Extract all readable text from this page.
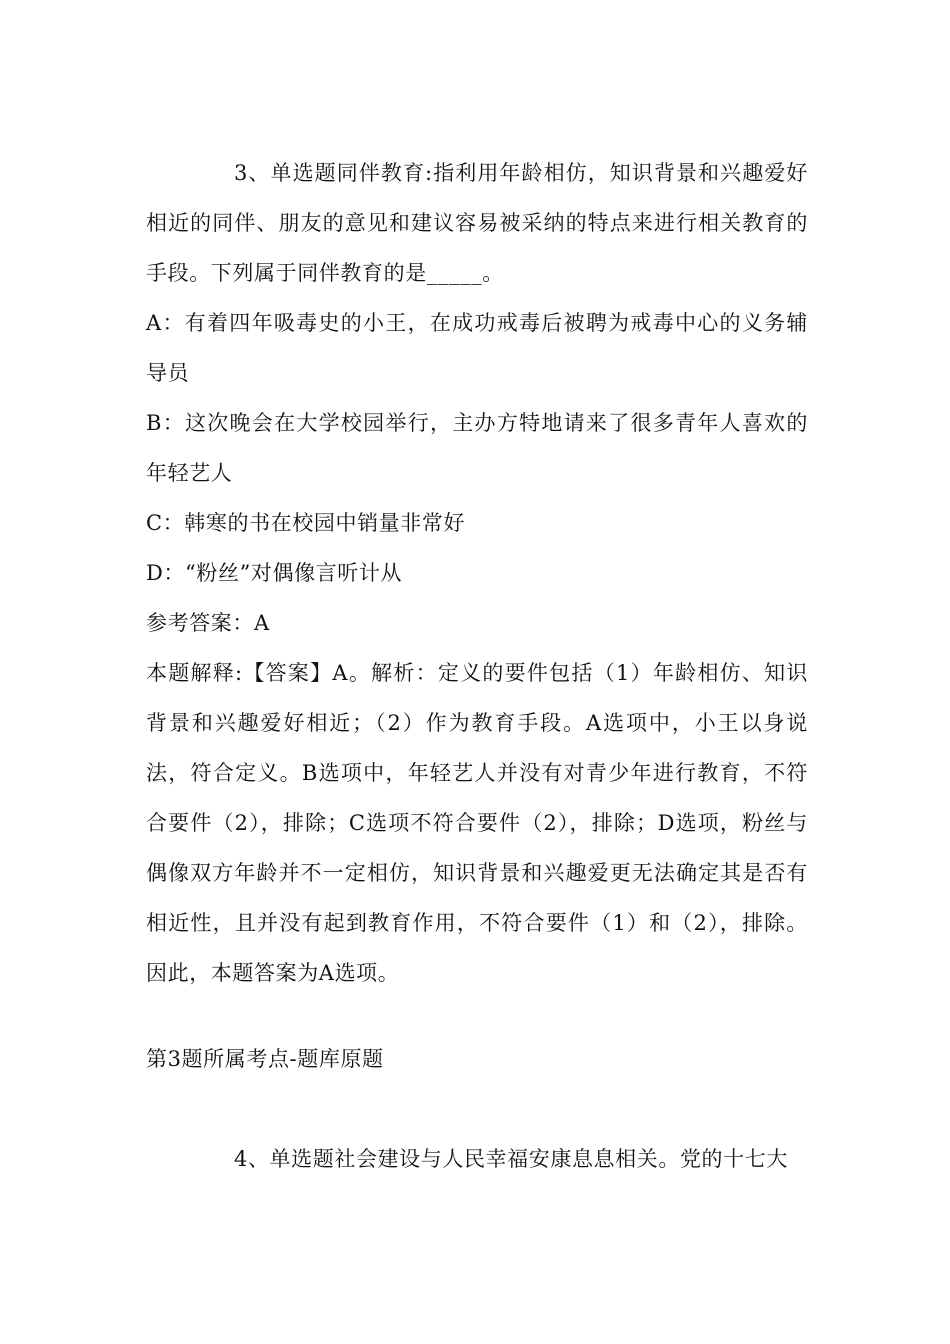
3、单选题同伴教育:指利用年龄相仿，知识背景和兴趣爱好相近的同伴、朋友的意见和建议容易被采纳的特点来进行相关教育的手段。下列属于同伴教育的是_____。

A：有着四年吸毒史的小王，在成功戒毒后被聘为戒毒中心的义务辅导员

B：这次晚会在大学校园举行，主办方特地请来了很多青年人喜欢的年轻艺人

C：韩寒的书在校园中销量非常好

D：“粉丝”对偶像言听计从

参考答案：A

本题解释:【答案】A。解析：定义的要件包括（1）年龄相仿、知识背景和兴趣爱好相近；（2）作为教育手段。A选项中，小王以身说法，符合定义。B选项中，年轻艺人并没有对青少年进行教育，不符合要件（2），排除；C选项不符合要件（2），排除；D选项，粉丝与偶像双方年龄并不一定相仿，知识背景和兴趣爱更无法确定其是否有相近性，且并没有起到教育作用，不符合要件（1）和（2），排除。因此，本题答案为A选项。

第3题所属考点-题库原题

4、单选题社会建设与人民幸福安康息息相关。党的十七大
